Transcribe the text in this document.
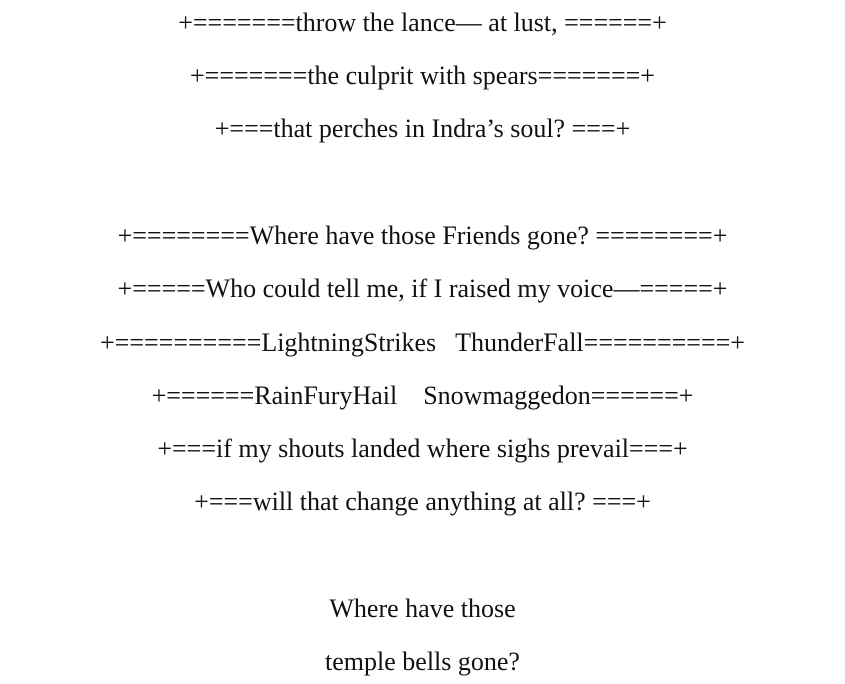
+=======throw the lance— at lust, ======+
+=======the culprit with spears=======+
+===that perches in Indra’s soul? ===+
+========Where have those Friends gone? ========+
+=====Who could tell me, if I raised my voice—=====+
+==========LightningStrikes   ThunderFall==========+
+======RainFuryHail    Snowmaggedon======+
+===if my shouts landed where sighs prevail===+
+===will that change anything at all? ===+
Where have those
temple bells gone?
